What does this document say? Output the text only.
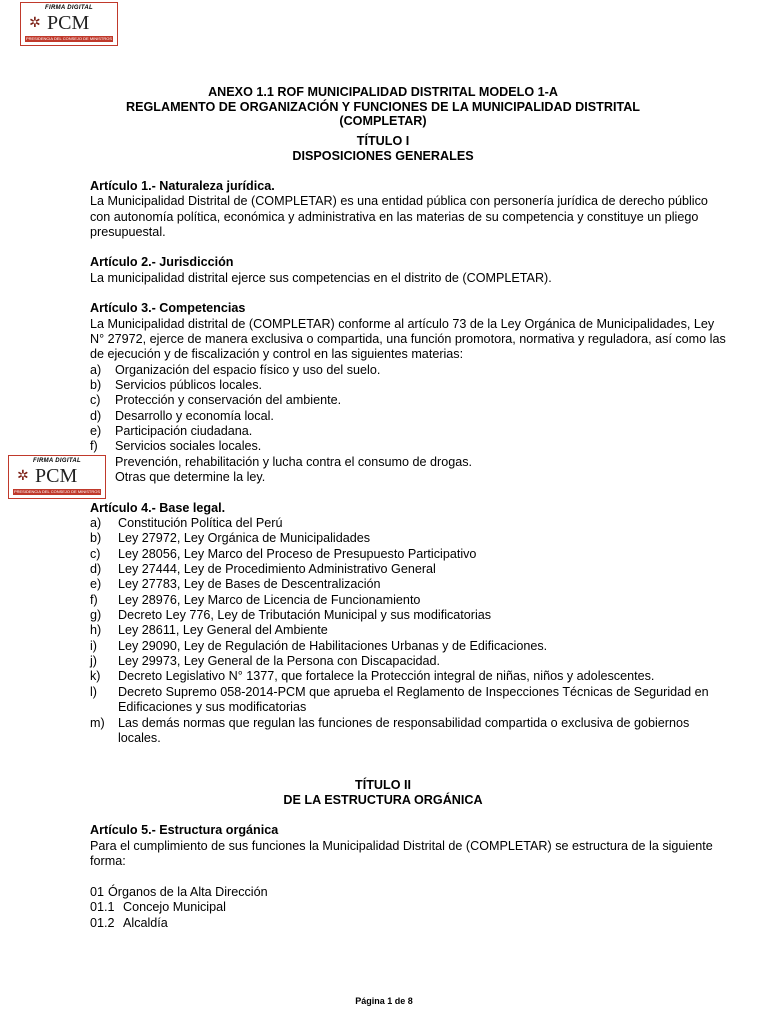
FIRMA DIGITAL
✲ PCM
PRESIDENCIA DEL CONSEJO DE MINISTROS
ANEXO 1.1 ROF MUNICIPALIDAD DISTRITAL MODELO 1-A
REGLAMENTO DE ORGANIZACIÓN Y FUNCIONES DE LA MUNICIPALIDAD DISTRITAL (COMPLETAR)
TÍTULO I
DISPOSICIONES GENERALES
Artículo 1.- Naturaleza jurídica.
La Municipalidad Distrital de (COMPLETAR) es una entidad pública con personería jurídica de derecho público
con autonomía política, económica y administrativa en las materias de su competencia y constituye un pliego
presupuestal.
Artículo 2.- Jurisdicción
La municipalidad distrital ejerce sus competencias en el distrito de (COMPLETAR).
Artículo 3.- Competencias
La Municipalidad distrital de (COMPLETAR) conforme al artículo 73 de la Ley Orgánica de Municipalidades, Ley
N° 27972, ejerce de manera exclusiva o compartida, una función promotora, normativa y reguladora, así como las
de ejecución y de fiscalización y control en las siguientes materias:
a) Organización del espacio físico y uso del suelo.
b) Servicios públicos locales.
c) Protección y conservación del ambiente.
d) Desarrollo y economía local.
e) Participación ciudadana.
f) Servicios sociales locales.
Prevención, rehabilitación y lucha contra el consumo de drogas.
Otras que determine la ley.
FIRMA DIGITAL
✲ PCM
PRESIDENCIA DEL CONSEJO DE MINISTROS
Artículo 4.- Base legal.
a) Constitución Política del Perú
b) Ley 27972, Ley Orgánica de Municipalidades
c) Ley 28056, Ley Marco del Proceso de Presupuesto Participativo
d) Ley 27444, Ley de Procedimiento Administrativo General
e) Ley 27783, Ley de Bases de Descentralización
f) Ley 28976, Ley Marco de Licencia de Funcionamiento
g) Decreto Ley 776, Ley de Tributación Municipal y sus modificatorias
h) Ley 28611, Ley General del Ambiente
i) Ley 29090, Ley de Regulación de Habilitaciones Urbanas y de Edificaciones.
j) Ley 29973, Ley General de la Persona con Discapacidad.
k) Decreto Legislativo N° 1377, que fortalece la Protección integral de niñas, niños y adolescentes.
l) Decreto Supremo 058-2014-PCM que aprueba el Reglamento de Inspecciones Técnicas de Seguridad en
Edificaciones y sus modificatorias
m) Las demás normas que regulan las funciones de responsabilidad compartida o exclusiva de gobiernos
locales.
TÍTULO II
DE LA ESTRUCTURA ORGÁNICA
Artículo 5.- Estructura orgánica
Para el cumplimiento de sus funciones la Municipalidad Distrital de (COMPLETAR) se estructura de la siguiente
forma:
01 Órganos de la Alta Dirección
01.1 Concejo Municipal
01.2 Alcaldía
Página 1 de 8
